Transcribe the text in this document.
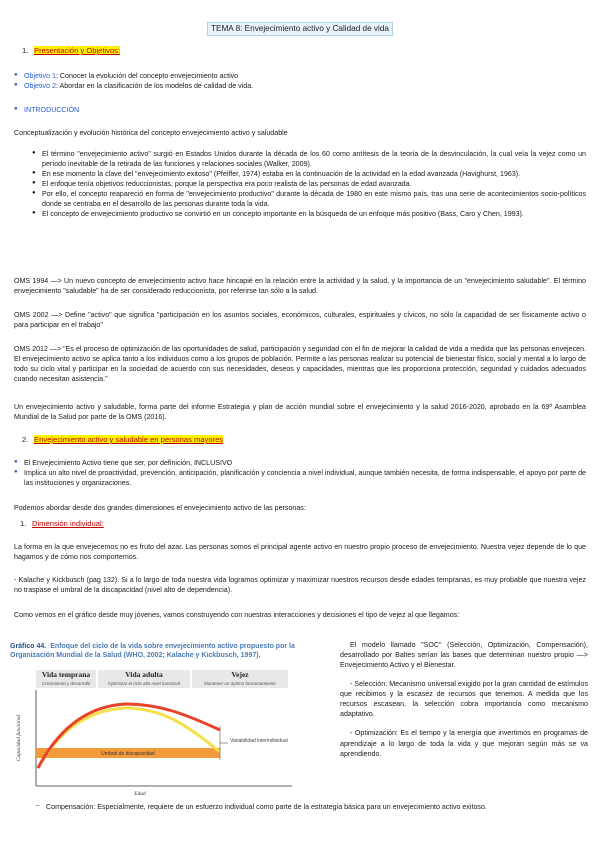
TEMA 8: Envejecimiento activo y Calidad de vida
1. Presentación y Objetivos:
● Objetivo 1: Conocer la evolución del concepto envejecimiento activo
● Objetivo 2: Abordar en la clasificación de los modelos de calidad de vida.
● INTRODUCCIÓN
Conceptualización y evolución histórica del concepto envejecimiento activo y saludable
● El término "envejecimiento activo" surgió en Estados Unidos durante la década de los 60 como antítesis de la teoría de la desvinculación, la cual veía la vejez como un período inevitable de la retirada de las funciones y relaciones sociales (Walker, 2009).
● En ese momento la clave del "envejecimiento exitoso" (Pfeiffer, 1974) estaba en la continuación de la actividad en la edad avanzada (Havighurst, 1963).
● El enfoque tenía objetivos reduccionistas, porque la perspectiva era poco realista de las personas de edad avanzada.
● Por ello, el concepto reapareció en forma de "envejecimiento productivo" durante la década de 1980 en este mismo país, tras una serie de acontecimientos socio-políticos donde se centraba en el desarrollo de las personas durante toda la vida.
● El concepto de envejecimiento productivo se convirtió en un concepto importante en la búsqueda de un enfoque más positivo (Bass, Caro y Chen, 1993).
OMS 1994 —> Un nuevo concepto de envejecimiento activo hace hincapié en la relación entre la actividad y la salud, y la importancia de un "envejecimiento saludable". El término envejecimiento "saludable" ha de ser considerado reduccionista, por referirse tan sólo a la salud.
OMS 2002 —> Define "activo" que significa "participación en los asuntos sociales, económicos, culturales, espirituales y cívicos, no sólo la capacidad de ser físicamente activo o para participar en el trabajo"
OMS 2012 —> "Es el proceso de optimización de las oportunidades de salud, participación y seguridad con el fin de mejorar la calidad de vida a medida que las personas envejecen. El envejecimiento activo se aplica tanto a los individuos como a los grupos de población. Permite a las personas realizar su potencial de bienestar físico, social y mental a lo largo de todo su ciclo vital y participar en la sociedad de acuerdo con sus necesidades, deseos y capacidades, mientras que les proporciona protección, seguridad y cuidados adecuados cuando necesitan asistencia."
Un envejecimiento activo y saludable, forma parte del informe Estrategia y plan de acción mundial sobre el envejecimiento y la salud 2016-2020, aprobado en la 69ª Asamblea Mundial de la Salud por parte de la OMS (2016).
2. Envejecimiento activo y saludable en personas mayores
● El Envejecimiento Activo tiene que ser, por definición, INCLUSIVO
● Implica un alto nivel de proactividad, prevención, anticipación, planificación y conciencia a nivel individual, aunque también necesita, de forma indispensable, el apoyo por parte de las instituciones y organizaciones.
Podemos abordar desde dos grandes dimensiones el envejecimiento activo de las personas:
1. Dimensión individual:
La forma en la que envejecemos no es fruto del azar. Las personas somos el principal agente activo en nuestro propio proceso de envejecimiento. Nuestra vejez depende de lo que hagamos y de cómo nos comportemos.
- Kalache y Kickbusch (pag 132). Si a lo largo de toda nuestra vida logramos optimizar y maximizar nuestros recursos desde edades tempranas, es muy probable que nuestra vejez no traspase el umbral de la discapacidad (nivel alto de dependencia).
Como vemos en el gráfico desde muy jóvenes, vamos construyendo con nuestras interacciones y decisiones el tipo de vejez al que llegamos:
Gráfico 44. Enfoque del ciclo de la vida sobre envejecimiento activo propuesto por la Organización Mundial de la Salud (WHO, 2002; Kalache y Kickbusch, 1997).
Vida temprana
Crecimiento y desarrollo
Vida adulta
Optimizar el más alto nivel funcional
Vejez
Mantener un óptimo funcionamiento
Capacidad funcional
Edad
Umbral de discapacidad
Variabilidad interindividual

El modelo llamado "SOC" (Selección, Optimización, Compensación), desarrollado por Baltes serían las bases que determinan nuestro propio —> Envejecimiento Activo y el Bienestar.

- Selección: Mecanismo universal exigido por la gran cantidad de estímulos que recibimos y la escasez de recursos que tenemos. A medida que los recursos escasean, la selección cobra importancia como mecanismo adaptativo.

- Optimización: Es el tiempo y la energía que invertimos en programas de aprendizaje a lo largo de toda la vida y que mejoran según más se va aprendiendo.

– Compensación: Especialmente, requiere de un esfuerzo individual como parte de la estrategia básica para un envejecimiento activo exitoso.
